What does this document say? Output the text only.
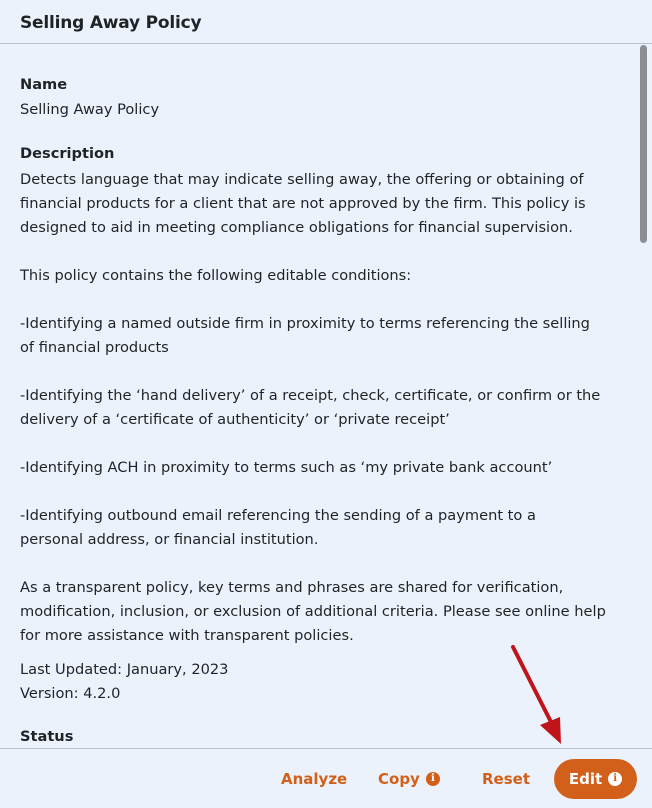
Selling Away Policy
Name
Selling Away Policy
Description
Detects language that may indicate selling away, the offering or obtaining of
financial products for a client that are not approved by the firm. This policy is
designed to aid in meeting compliance obligations for financial supervision.
This policy contains the following editable conditions:
-Identifying a named outside firm in proximity to terms referencing the selling
of financial products
-Identifying the ‘hand delivery’ of a receipt, check, certificate, or confirm or the
delivery of a ‘certificate of authenticity’ or ‘private receipt’
-Identifying ACH in proximity to terms such as ‘my private bank account’
-Identifying outbound email referencing the sending of a payment to a
personal address, or financial institution.
As a transparent policy, key terms and phrases are shared for verification,
modification, inclusion, or exclusion of additional criteria. Please see online help
for more assistance with transparent policies.
Last Updated: January, 2023
Version: 4.2.0
Status
Analyze Copy	i	Reset	Edit	i
